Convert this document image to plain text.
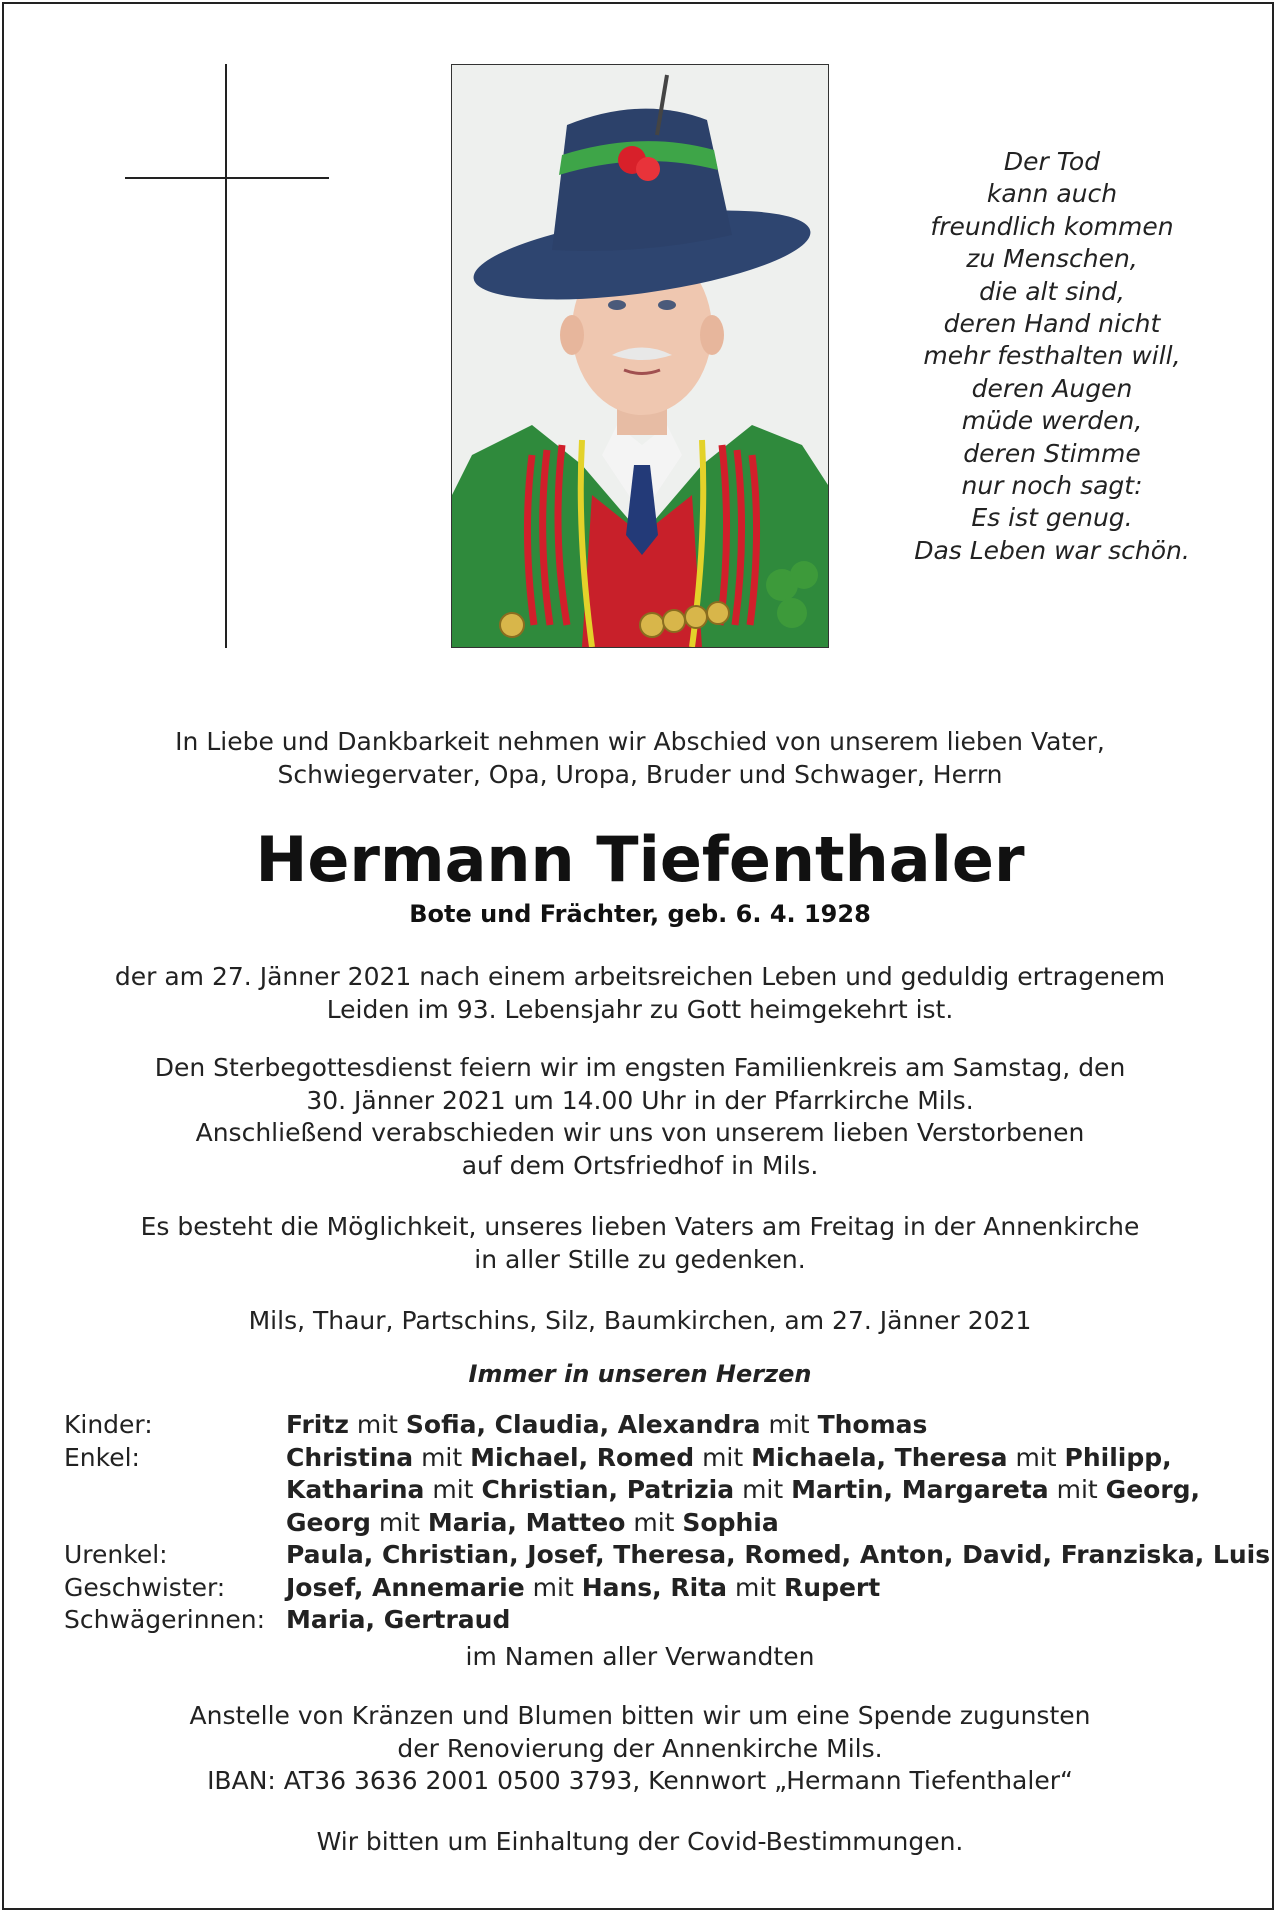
Der Tod
kann auch
freundlich kommen
zu Menschen,
die alt sind,
deren Hand nicht
mehr festhalten will,
deren Augen
müde werden,
deren Stimme
nur noch sagt:
Es ist genug.
Das Leben war schön.
In Liebe und Dankbarkeit nehmen wir Abschied von unserem lieben Vater,
Schwiegervater, Opa, Uropa, Bruder und Schwager, Herrn
Hermann Tiefenthaler
Bote und Frächter, geb. 6. 4. 1928
der am 27. Jänner 2021 nach einem arbeitsreichen Leben und geduldig ertragenem
Leiden im 93. Lebensjahr zu Gott heimgekehrt ist.
Den Sterbegottesdienst feiern wir im engsten Familienkreis am Samstag, den
30. Jänner 2021 um 14.00 Uhr in der Pfarrkirche Mils.
Anschließend verabschieden wir uns von unserem lieben Verstorbenen
auf dem Ortsfriedhof in Mils.
Es besteht die Möglichkeit, unseres lieben Vaters am Freitag in der Annenkirche
in aller Stille zu gedenken.
Mils, Thaur, Partschins, Silz, Baumkirchen, am 27. Jänner 2021
Immer in unseren Herzen
Kinder:	Fritz mit Sofia, Claudia, Alexandra mit Thomas
Enkel:	Christina mit Michael, Romed mit Michaela, Theresa mit Philipp,
Katharina mit Christian, Patrizia mit Martin, Margareta mit Georg,
Georg mit Maria, Matteo mit Sophia
Urenkel:	Paula, Christian, Josef, Theresa, Romed, Anton, David, Franziska, Luis
Geschwister:	Josef, Annemarie mit Hans, Rita mit Rupert
Schwägerinnen: Maria, Gertraud
im Namen aller Verwandten
Anstelle von Kränzen und Blumen bitten wir um eine Spende zugunsten
der Renovierung der Annenkirche Mils.
IBAN: AT36 3636 2001 0500 3793, Kennwort „Hermann Tiefenthaler“
Wir bitten um Einhaltung der Covid-Bestimmungen.
